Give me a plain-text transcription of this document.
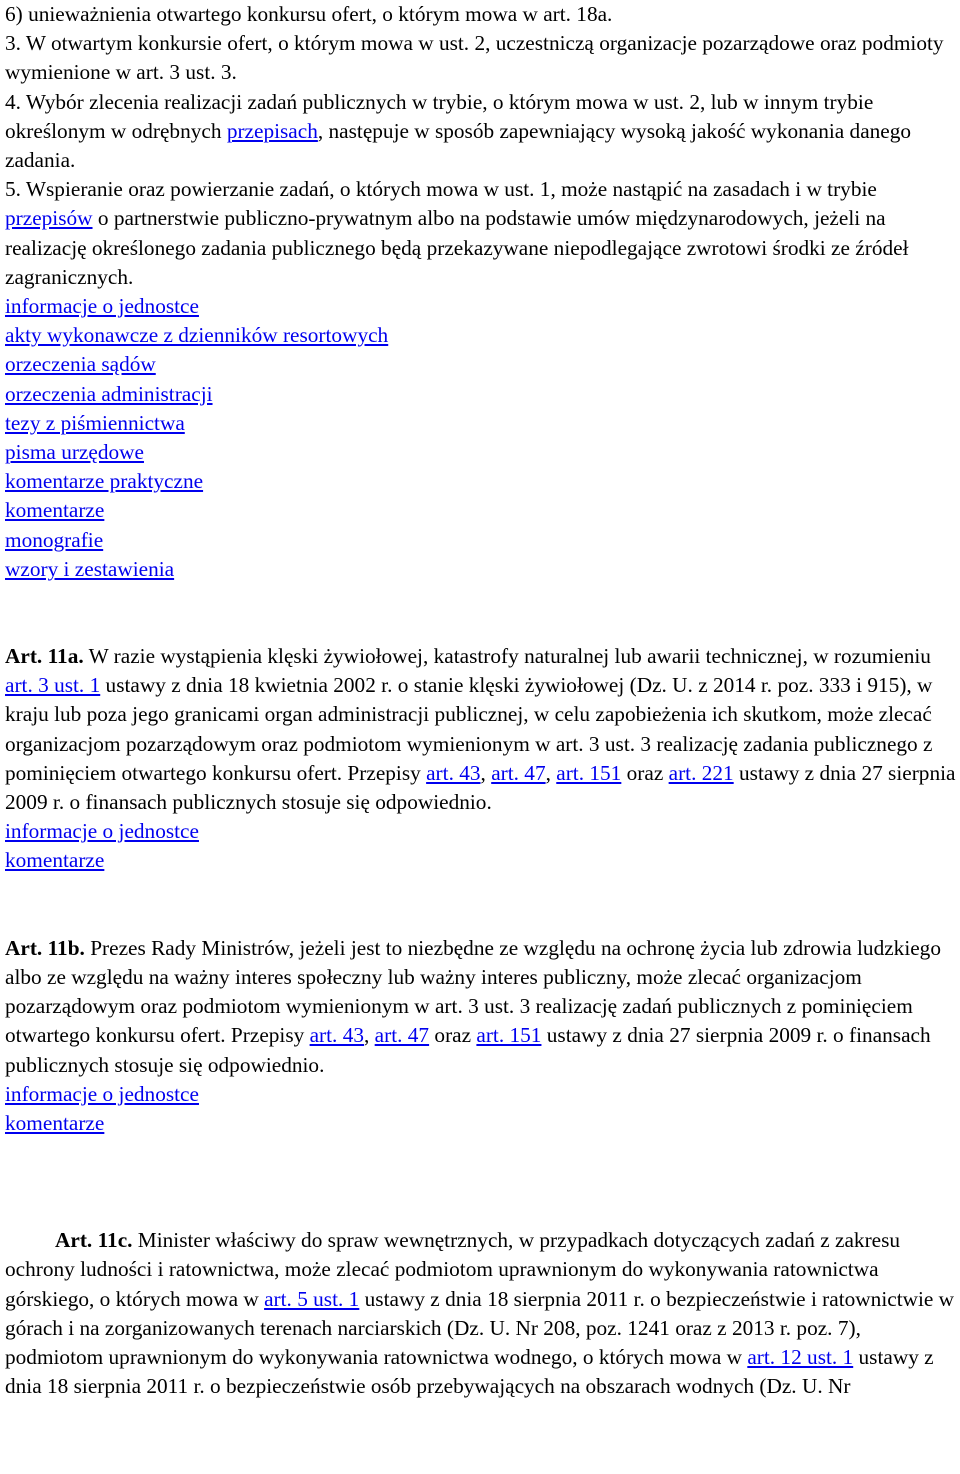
6) unieważnienia otwartego konkursu ofert, o którym mowa w art. 18a.
3. W otwartym konkursie ofert, o którym mowa w ust. 2, uczestniczą organizacje pozarządowe oraz podmioty wymienione w art. 3 ust. 3.
4. Wybór zlecenia realizacji zadań publicznych w trybie, o którym mowa w ust. 2, lub w innym trybie określonym w odrębnych przepisach, następuje w sposób zapewniający wysoką jakość wykonania danego zadania.
5. Wspieranie oraz powierzanie zadań, o których mowa w ust. 1, może nastąpić na zasadach i w trybie przepisów o partnerstwie publiczno-prywatnym albo na podstawie umów międzynarodowych, jeżeli na realizację określonego zadania publicznego będą przekazywane niepodlegające zwrotowi środki ze źródeł zagranicznych.
informacje o jednostce
akty wykonawcze z dzienników resortowych
orzeczenia sądów
orzeczenia administracji
tezy z piśmiennictwa
pisma urzędowe
komentarze praktyczne
komentarze
monografie
wzory i zestawienia
Art. 11a. W razie wystąpienia klęski żywiołowej, katastrofy naturalnej lub awarii technicznej, w rozumieniu art. 3 ust. 1 ustawy z dnia 18 kwietnia 2002 r. o stanie klęski żywiołowej (Dz. U. z 2014 r. poz. 333 i 915), w kraju lub poza jego granicami organ administracji publicznej, w celu zapobieżenia ich skutkom, może zlecać organizacjom pozarządowym oraz podmiotom wymienionym w art. 3 ust. 3 realizację zadania publicznego z pominięciem otwartego konkursu ofert. Przepisy art. 43, art. 47, art. 151 oraz art. 221 ustawy z dnia 27 sierpnia 2009 r. o finansach publicznych stosuje się odpowiednio.
informacje o jednostce
komentarze
Art. 11b. Prezes Rady Ministrów, jeżeli jest to niezbędne ze względu na ochronę życia lub zdrowia ludzkiego albo ze względu na ważny interes społeczny lub ważny interes publiczny, może zlecać organizacjom pozarządowym oraz podmiotom wymienionym w art. 3 ust. 3 realizację zadań publicznych z pominięciem otwartego konkursu ofert. Przepisy art. 43, art. 47 oraz art. 151 ustawy z dnia 27 sierpnia 2009 r. o finansach publicznych stosuje się odpowiednio.
informacje o jednostce
komentarze
Art. 11c. Minister właściwy do spraw wewnętrznych, w przypadkach dotyczących zadań z zakresu ochrony ludności i ratownictwa, może zlecać podmiotom uprawnionym do wykonywania ratownictwa górskiego, o których mowa w art. 5 ust. 1 ustawy z dnia 18 sierpnia 2011 r. o bezpieczeństwie i ratownictwie w górach i na zorganizowanych terenach narciarskich (Dz. U. Nr 208, poz. 1241 oraz z 2013 r. poz. 7), podmiotom uprawnionym do wykonywania ratownictwa wodnego, o których mowa w art. 12 ust. 1 ustawy z dnia 18 sierpnia 2011 r. o bezpieczeństwie osób przebywających na obszarach wodnych (Dz. U. Nr
